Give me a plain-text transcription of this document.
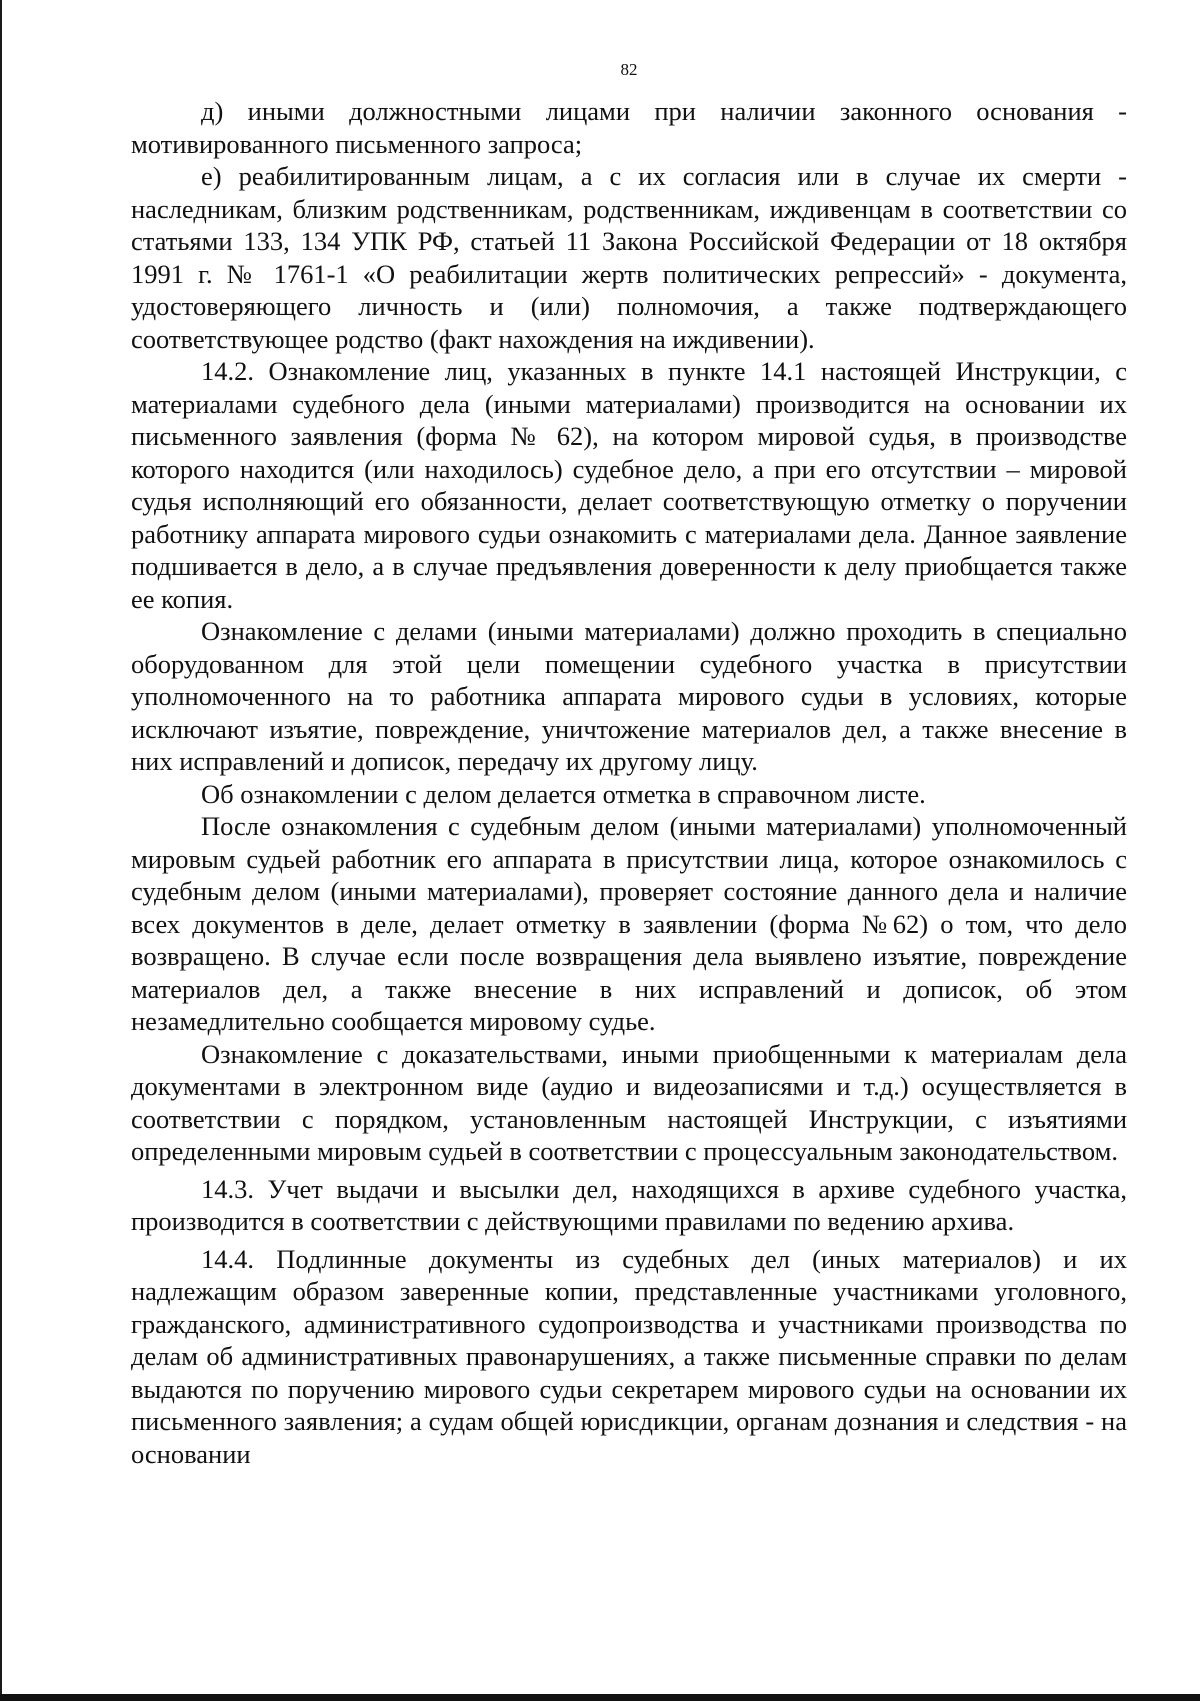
82

д) иными должностными лицами при наличии законного основания - мотивированного письменного запроса;

е) реабилитированным лицам, а с их согласия или в случае их смерти - наследникам, близким родственникам, родственникам, иждивенцам в соответствии со статьями 133, 134 УПК РФ, статьей 11 Закона Российской Федерации от 18 октября 1991 г. № 1761-1 «О реабилитации жертв политических репрессий» - документа, удостоверяющего личность и (или) полномочия, а также подтверждающего соответствующее родство (факт нахождения на иждивении).

14.2. Ознакомление лиц, указанных в пункте 14.1 настоящей Инструкции, с материалами судебного дела (иными материалами) производится на основании их письменного заявления (форма № 62), на котором мировой судья, в производстве которого находится (или находилось) судебное дело, а при его отсутствии – мировой судья исполняющий его обязанности, делает соответствующую отметку о поручении работнику аппарата мирового судьи ознакомить с материалами дела. Данное заявление подшивается в дело, а в случае предъявления доверенности к делу приобщается также ее копия.

Ознакомление с делами (иными материалами) должно проходить в специально оборудованном для этой цели помещении судебного участка в присутствии уполномоченного на то работника аппарата мирового судьи в условиях, которые исключают изъятие, повреждение, уничтожение материалов дел, а также внесение в них исправлений и дописок, передачу их другому лицу.

Об ознакомлении с делом делается отметка в справочном листе.

После ознакомления с судебным делом (иными материалами) уполномоченный мировым судьей работник его аппарата в присутствии лица, которое ознакомилось с судебным делом (иными материалами), проверяет состояние данного дела и наличие всех документов в деле, делает отметку в заявлении (форма №62) о том, что дело возвращено. В случае если после возвращения дела выявлено изъятие, повреждение материалов дел, а также внесение в них исправлений и дописок, об этом незамедлительно сообщается мировому судье.

Ознакомление с доказательствами, иными приобщенными к материалам дела документами в электронном виде (аудио и видеозаписями и т.д.) осуществляется в соответствии с порядком, установленным настоящей Инструкции, с изъятиями определенными мировым судьей в соответствии с процессуальным законодательством.

14.3. Учет выдачи и высылки дел, находящихся в архиве судебного участка, производится в соответствии с действующими правилами по ведению архива.

14.4. Подлинные документы из судебных дел (иных материалов) и их надлежащим образом заверенные копии, представленные участниками уголовного, гражданского, административного судопроизводства и участниками производства по делам об административных правонарушениях, а также письменные справки по делам выдаются по поручению мирового судьи секретарем мирового судьи на основании их письменного заявления; а судам общей юрисдикции, органам дознания и следствия - на основании
